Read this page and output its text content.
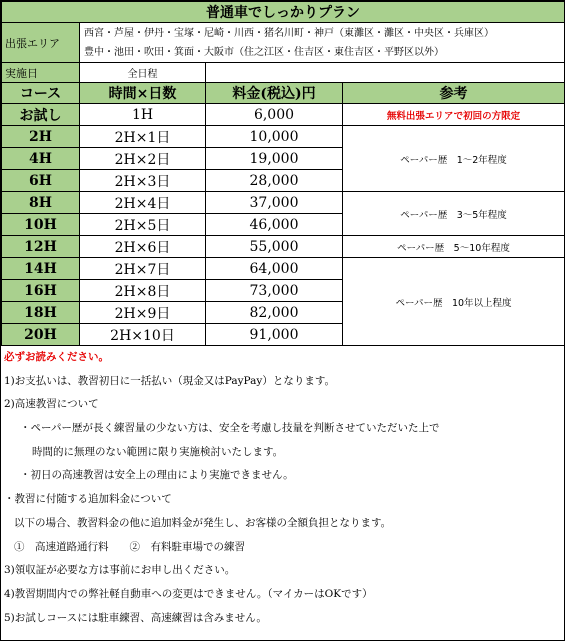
普通車でしっかりプラン			
出張エリア	西宮・芦屋・伊丹・宝塚・尼崎・川西・猪名川町・神戸（東灘区・灘区・中央区・兵庫区）
豊中・池田・吹田・箕面・大阪市（住之江区・住吉区・東住吉区・平野区以外）		

実施日	全日程		
コース	時間×日数	料金(税込)円	参考
お試し	1H	6,000	無料出張エリアで初回の方限定
2H	2H×1日	10,000	ペーパー歴　1～2年程度
4H	2H×2日	19,000	
6H	2H×3日	28,000	
8H	2H×4日	37,000	ペーパー歴　3～5年程度
10H	2H×5日	46,000	
12H	2H×6日	55,000	ペーパー歴　5～10年程度
14H	2H×7日	64,000	ペーパー歴　10年以上程度
16H	2H×8日	73,000	
18H	2H×9日	82,000	
20H	2H×10日	91,000	
必ずお読みください。
1)お支払いは、教習初日に一括払い（現金又はPayPay）となります。
2)高速教習について
・ペーパー歴が長く練習量の少ない方は、安全を考慮し技量を判断させていただいた上で
時間的に無理のない範囲に限り実施検討いたします。
・初日の高速教習は安全上の理由により実施できません。
・教習に付随する追加料金について
以下の場合、教習料金の他に追加料金が発生し、お客様の全額負担となります。
①　高速道路通行料　　②　有料駐車場での練習
3)領収証が必要な方は事前にお申し出ください。
4)教習期間内での弊社軽自動車への変更はできません。（マイカーはOKです）
5)お試しコースには駐車練習、高速練習は含みません。
